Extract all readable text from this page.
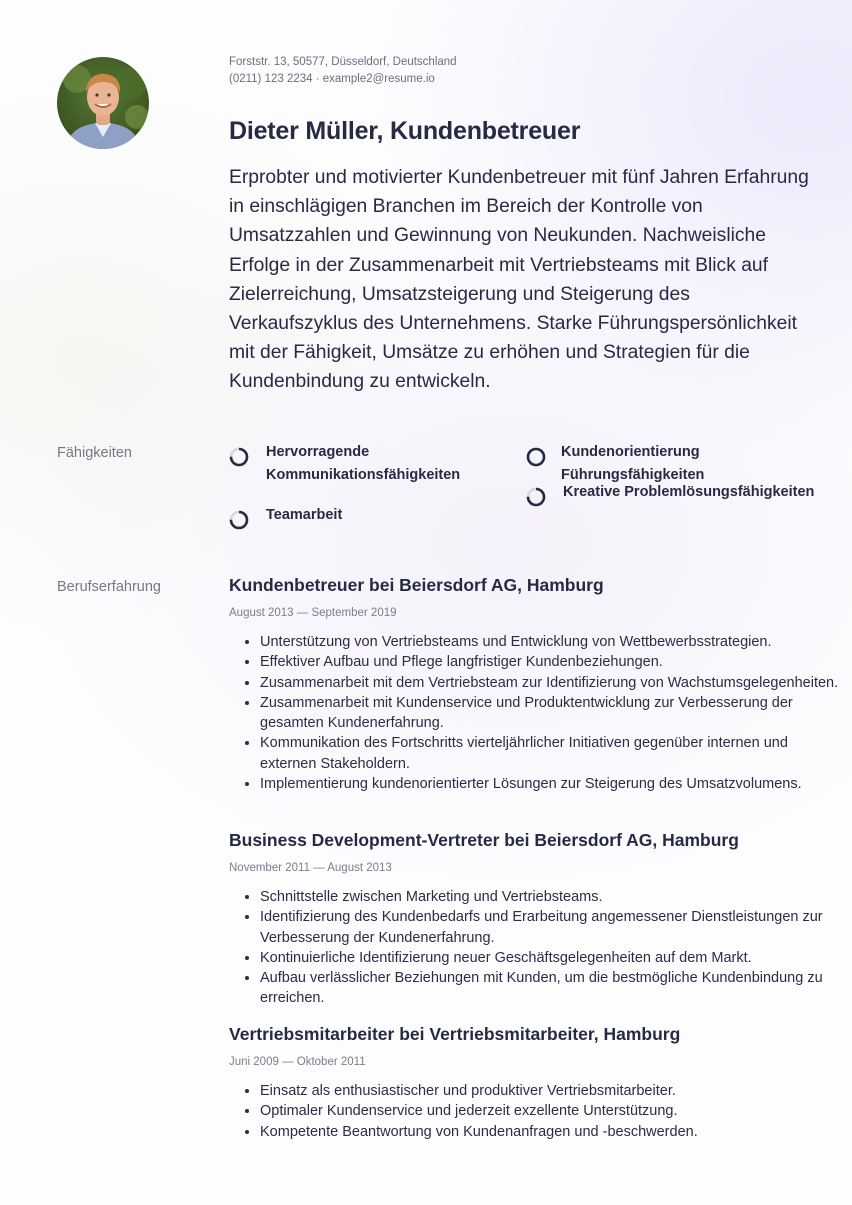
Forststr. 13, 50577, Düsseldorf, Deutschland
(0211) 123 2234 · example2@resume.io
Dieter Müller, Kundenbetreuer

Erprobter und motivierter Kundenbetreuer mit fünf Jahren Erfahrung in einschlägigen Branchen im Bereich der Kontrolle von Umsatzzahlen und Gewinnung von Neukunden. Nachweisliche Erfolge in der Zusammenarbeit mit Vertriebsteams mit Blick auf Zielerreichung, Umsatzsteigerung und Steigerung des Verkaufszyklus des Unternehmens. Starke Führungspersönlichkeit mit der Fähigkeit, Umsätze zu erhöhen und Strategien für die Kundenbindung zu entwickeln.

Fähigkeiten	Hervorragende Kommunikationsfähigkeiten
Kundenorientierung Führungsfähigkeiten
Kreative Problemlösungsfähigkeiten
Teamarbeit
Berufserfahrung	Kundenbetreuer bei Beiersdorf AG, Hamburg
August 2013 — September 2019
• Unterstützung von Vertriebsteams und Entwicklung von Wettbewerbsstrategien.
• Effektiver Aufbau und Pflege langfristiger Kundenbeziehungen.
• Zusammenarbeit mit dem Vertriebsteam zur Identifizierung von Wachstumsgelegenheiten.
• Zusammenarbeit mit Kundenservice und Produktentwicklung zur Verbesserung der gesamten Kundenerfahrung.
• Kommunikation des Fortschritts vierteljährlicher Initiativen gegenüber internen und externen Stakeholdern.
• Implementierung kundenorientierter Lösungen zur Steigerung des Umsatzvolumens.
Business Development-Vertreter bei Beiersdorf AG, Hamburg
November 2011 — August 2013
• Schnittstelle zwischen Marketing und Vertriebsteams.
• Identifizierung des Kundenbedarfs und Erarbeitung angemessener Dienstleistungen zur Verbesserung der Kundenerfahrung.
• Kontinuierliche Identifizierung neuer Geschäftsgelegenheiten auf dem Markt.
• Aufbau verlässlicher Beziehungen mit Kunden, um die bestmögliche Kundenbindung zu erreichen.
Vertriebsmitarbeiter bei Vertriebsmitarbeiter, Hamburg
Juni 2009 — Oktober 2011
• Einsatz als enthusiastischer und produktiver Vertriebsmitarbeiter.
• Optimaler Kundenservice und jederzeit exzellente Unterstützung.
• Kompetente Beantwortung von Kundenanfragen und -beschwerden.
